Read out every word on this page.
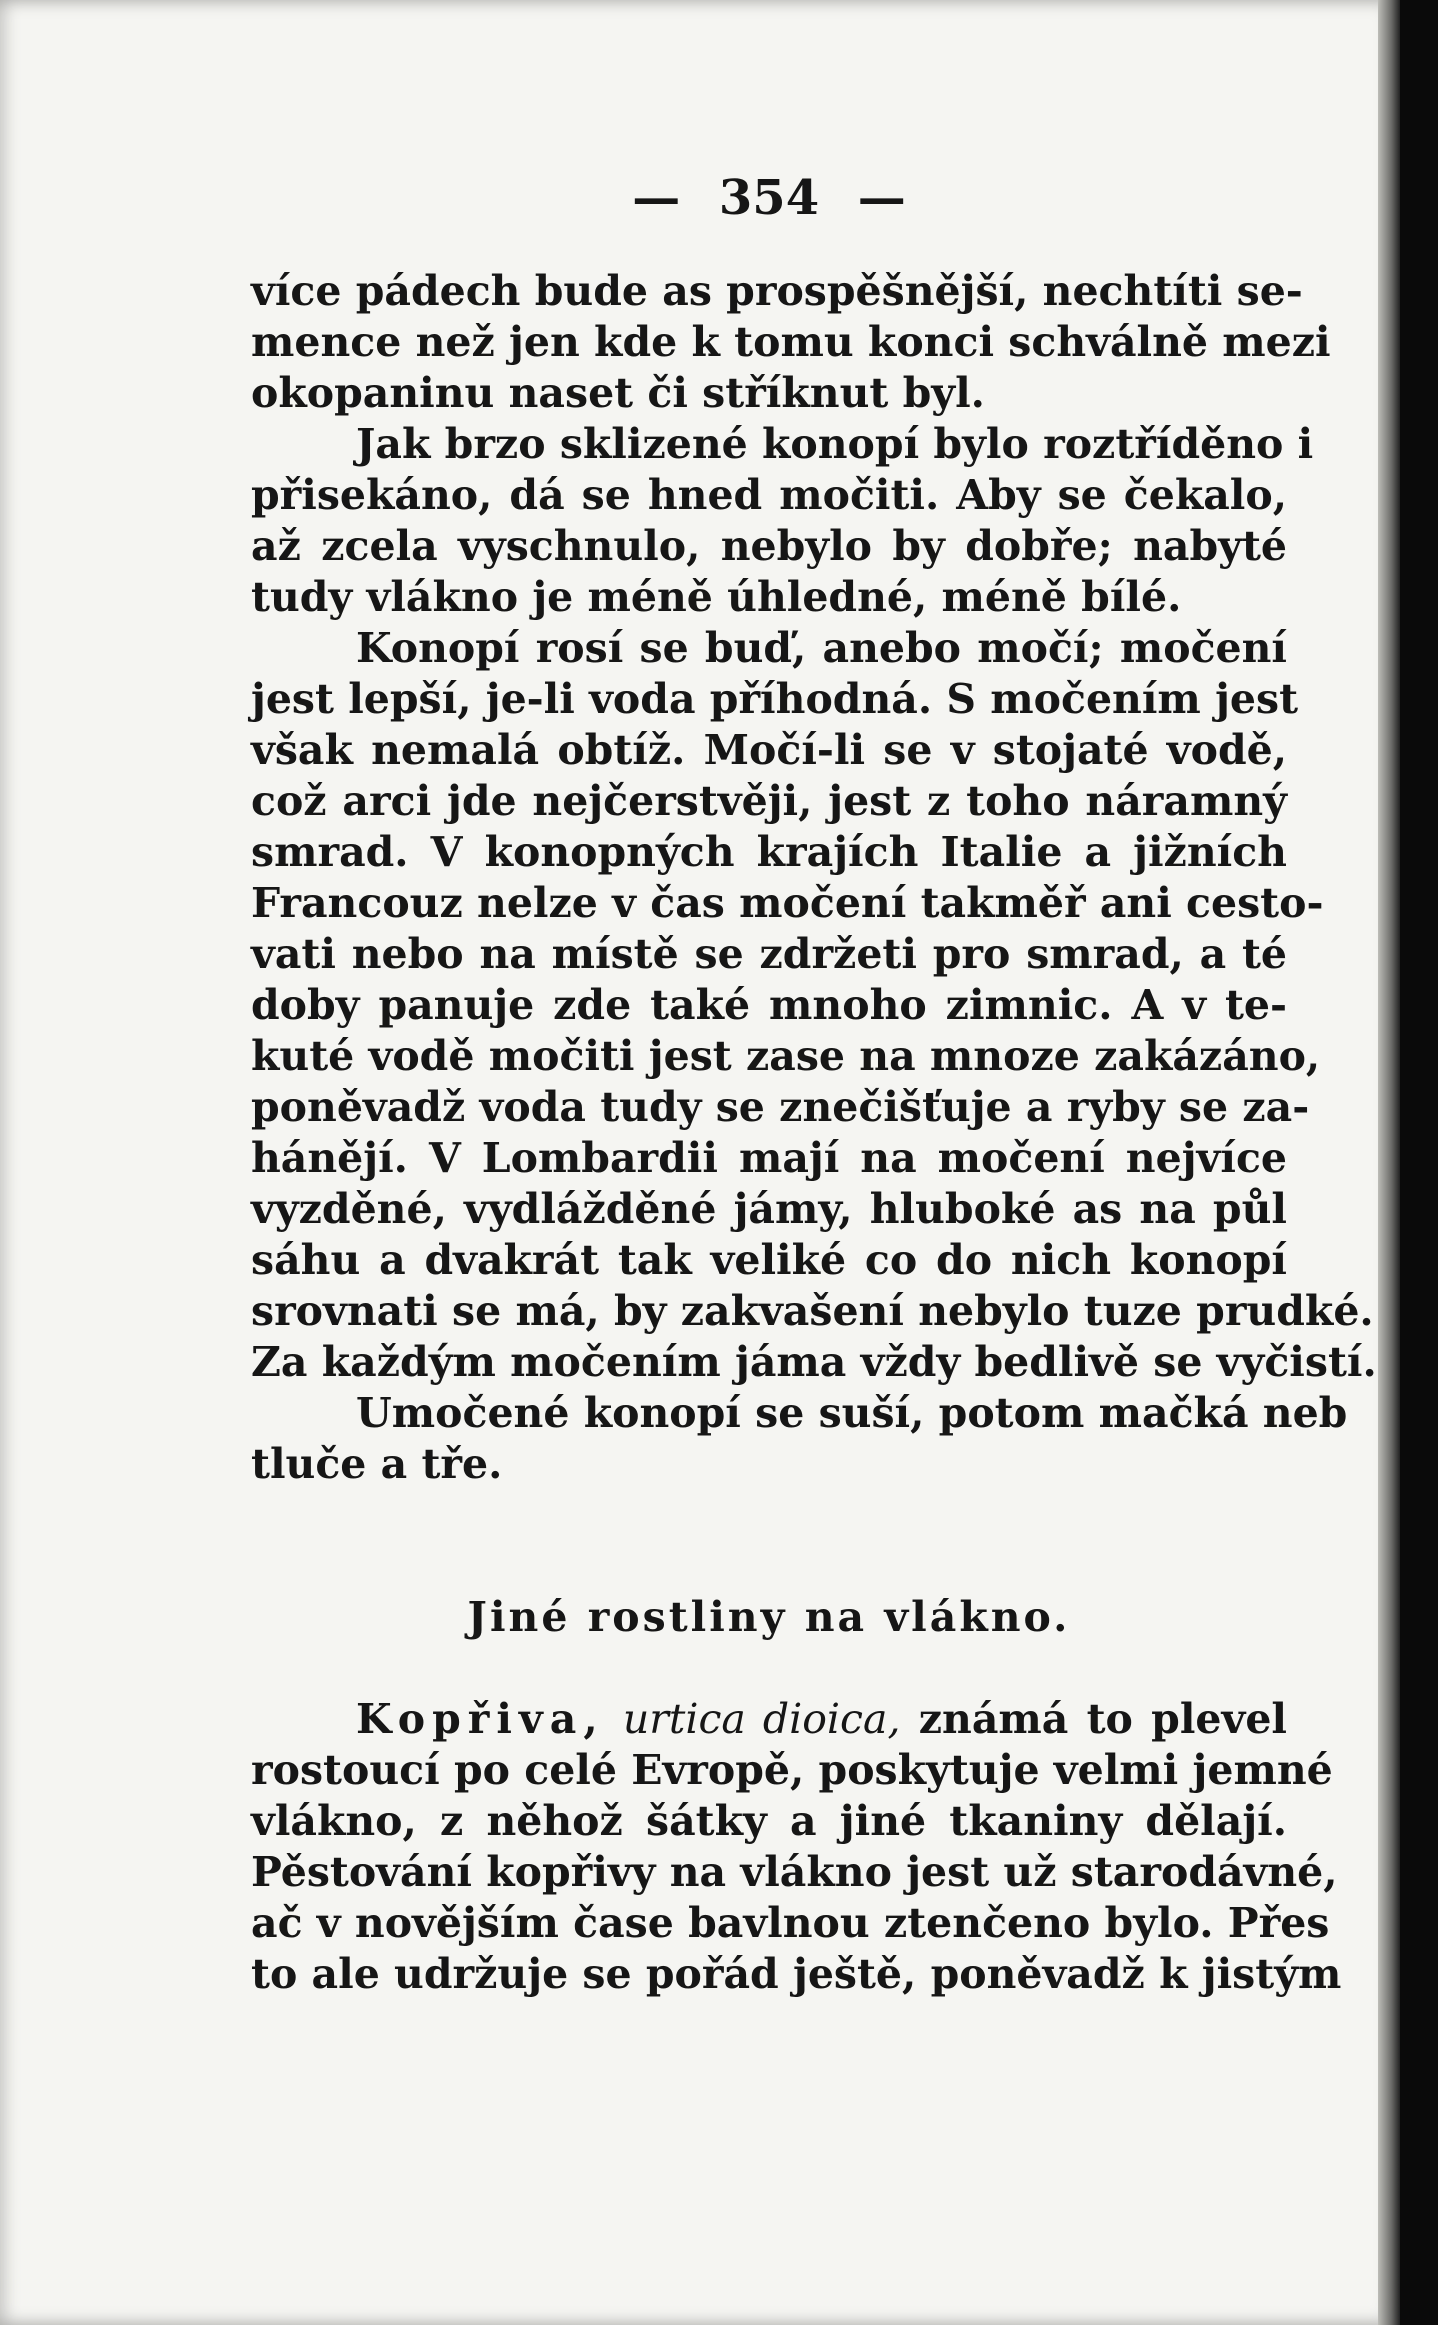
— 354 —
více pádech bude as prospěšnější, nechtíti se-
mence než jen kde k tomu konci schválně mezi
okopaninu naset či stříknut byl.
Jak brzo sklizené konopí bylo roztříděno i
přisekáno, dá se hned močiti. Aby se čekalo,
až zcela vyschnulo, nebylo by dobře; nabyté
tudy vlákno je méně úhledné, méně bílé.
Konopí rosí se buď, anebo močí; močení
jest lepší, je-li voda příhodná. S močením jest
však nemalá obtíž. Močí-li se v stojaté vodě,
což arci jde nejčerstvěji, jest z toho náramný
smrad. V konopných krajích Italie a jižních
Francouz nelze v čas močení takměř ani cesto-
vati nebo na místě se zdržeti pro smrad, a té
doby panuje zde také mnoho zimnic. A v te-
kuté vodě močiti jest zase na mnoze zakázáno,
poněvadž voda tudy se znečišťuje a ryby se za-
hánějí. V Lombardii mají na močení nejvíce
vyzděné, vydlážděné jámy, hluboké as na půl
sáhu a dvakrát tak veliké co do nich konopí
srovnati se má, by zakvašení nebylo tuze prudké.
Za každým močením jáma vždy bedlivě se vyčistí.
Umočené konopí se suší, potom mačká neb
tluče a tře.
Jiné rostliny na vlákno.
Kopřiva, urtica dioica, známá to plevel
rostoucí po celé Evropě, poskytuje velmi jemné
vlákno, z něhož šátky a jiné tkaniny dělají.
Pěstování kopřivy na vlákno jest už starodávné,
ač v novějším čase bavlnou ztenčeno bylo. Přes
to ale udržuje se pořád ještě, poněvadž k jistým
